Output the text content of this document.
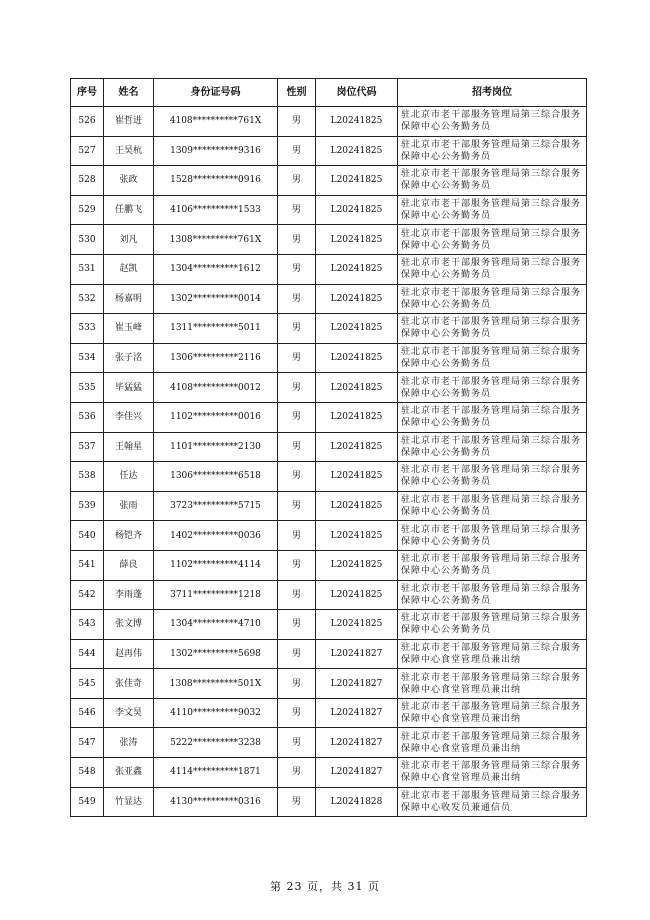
序号	姓名	身份证号码	性别	岗位代码	招考岗位
526	崔哲进	4108**********761X	男	L20241825	驻北京市老干部服务管理局第三综合服务保障中心公务勤务员
527	王昊杭	1309**********9316	男	L20241825	驻北京市老干部服务管理局第三综合服务保障中心公务勤务员
528	张政	1528**********0916	男	L20241825	驻北京市老干部服务管理局第三综合服务保障中心公务勤务员
529	任鹏飞	4106**********1533	男	L20241825	驻北京市老干部服务管理局第三综合服务保障中心公务勤务员
530	刘凡	1308**********761X	男	L20241825	驻北京市老干部服务管理局第三综合服务保障中心公务勤务员
531	赵凯	1304**********1612	男	L20241825	驻北京市老干部服务管理局第三综合服务保障中心公务勤务员
532	杨嘉明	1302**********0014	男	L20241825	驻北京市老干部服务管理局第三综合服务保障中心公务勤务员
533	崔玉峰	1311**********5011	男	L20241825	驻北京市老干部服务管理局第三综合服务保障中心公务勤务员
534	张子洺	1306**********2116	男	L20241825	驻北京市老干部服务管理局第三综合服务保障中心公务勤务员
535	毕猛猛	4108**********0012	男	L20241825	驻北京市老干部服务管理局第三综合服务保障中心公务勤务员
536	李佳兴	1102**********0016	男	L20241825	驻北京市老干部服务管理局第三综合服务保障中心公务勤务员
537	王翰星	1101**********2130	男	L20241825	驻北京市老干部服务管理局第三综合服务保障中心公务勤务员
538	任达	1306**********6518	男	L20241825	驻北京市老干部服务管理局第三综合服务保障中心公务勤务员
539	张雨	3723**********5715	男	L20241825	驻北京市老干部服务管理局第三综合服务保障中心公务勤务员
540	杨铠齐	1402**********0036	男	L20241825	驻北京市老干部服务管理局第三综合服务保障中心公务勤务员
541	薛良	1102**********4114	男	L20241825	驻北京市老干部服务管理局第三综合服务保障中心公务勤务员
542	李雨蓬	3711**********1218	男	L20241825	驻北京市老干部服务管理局第三综合服务保障中心公务勤务员
543	张文博	1304**********4710	男	L20241825	驻北京市老干部服务管理局第三综合服务保障中心公务勤务员
544	赵再伟	1302**********5698	男	L20241827	驻北京市老干部服务管理局第三综合服务保障中心食堂管理员兼出纳
545	张佳奇	1308**********501X	男	L20241827	驻北京市老干部服务管理局第三综合服务保障中心食堂管理员兼出纳
546	李文昊	4110**********9032	男	L20241827	驻北京市老干部服务管理局第三综合服务保障中心食堂管理员兼出纳
547	张涛	5222**********3238	男	L20241827	驻北京市老干部服务管理局第三综合服务保障中心食堂管理员兼出纳
548	张亚鑫	4114**********1871	男	L20241827	驻北京市老干部服务管理局第三综合服务保障中心食堂管理员兼出纳
549	竹显达	4130**********0316	男	L20241828	驻北京市老干部服务管理局第三综合服务保障中心收发员兼通信员
第 23 页，共 31 页
